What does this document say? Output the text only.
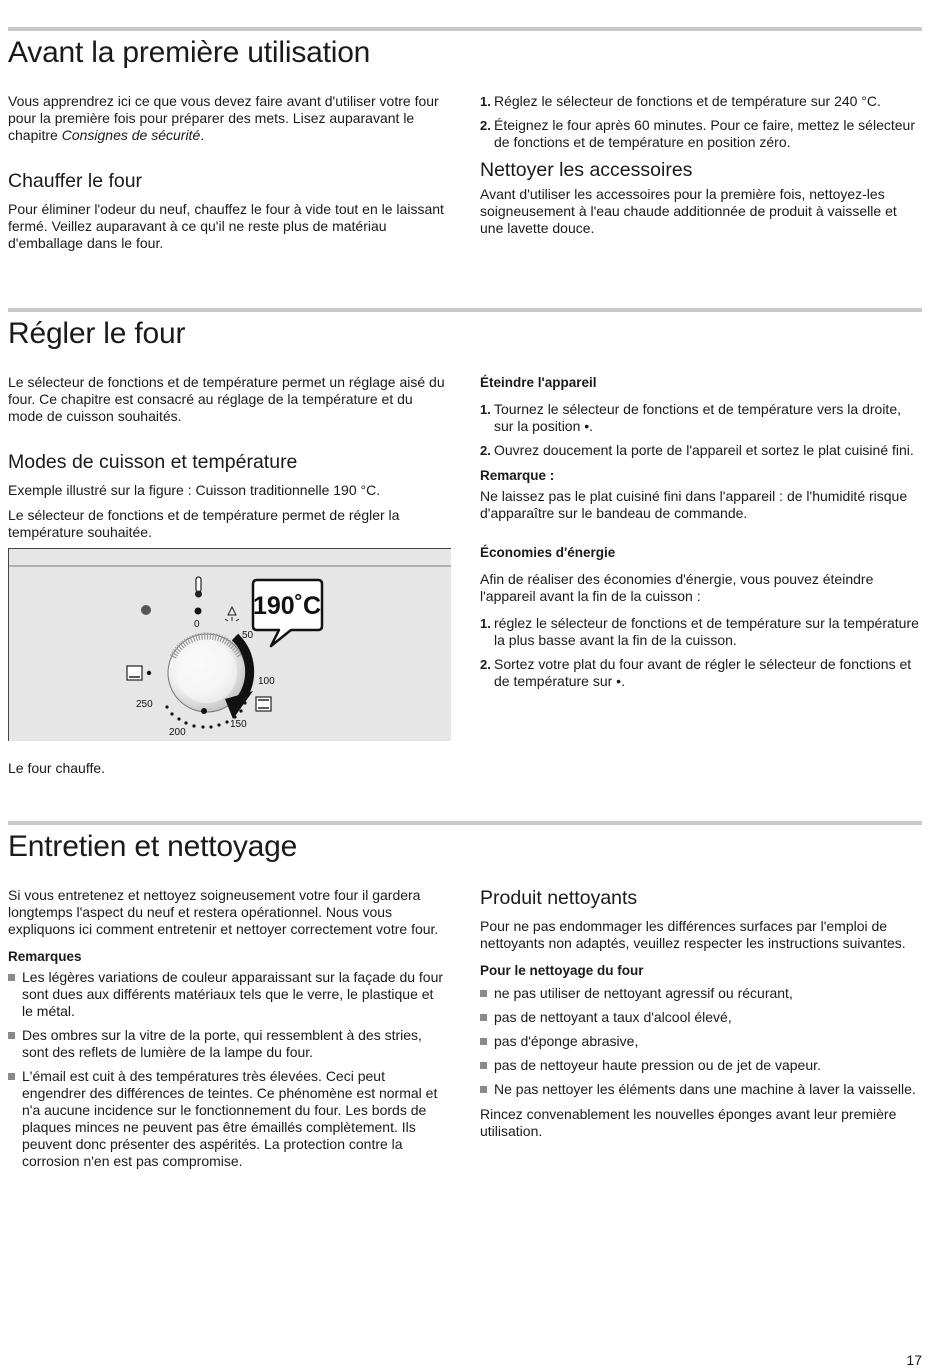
Avant la première utilisation

Vous apprendrez ici ce que vous devez faire avant d'utiliser votre four pour la première fois pour préparer des mets. Lisez auparavant le chapitre Consignes de sécurité.

Chauffer le four

Pour éliminer l'odeur du neuf, chauffez le four à vide tout en le laissant fermé. Veillez auparavant à ce qu'il ne reste plus de matériau d'emballage dans le four.

1. Réglez le sélecteur de fonctions et de température sur 240 °C.
2. Éteignez le four après 60 minutes. Pour ce faire, mettez le sélecteur de fonctions et de température en position zéro.
Nettoyer les accessoires

Avant d'utiliser les accessoires pour la première fois, nettoyez-les soigneusement à l'eau chaude additionnée de produit à vaisselle et une lavette douce.

Régler le four

Le sélecteur de fonctions et de température permet un réglage aisé du four. Ce chapitre est consacré au réglage de la température et du mode de cuisson souhaités.

Modes de cuisson et température

Exemple illustré sur la figure : Cuisson traditionnelle 190 °C.

Le sélecteur de fonctions et de température permet de régler la température souhaitée.

0
50
100
150
200
250
190˚C

Le four chauffe.

Éteindre l'appareil
1. Tournez le sélecteur de fonctions et de température vers la droite, sur la position •.
2. Ouvrez doucement la porte de l'appareil et sortez le plat cuisiné fini.
Remarque :

Ne laissez pas le plat cuisiné fini dans l'appareil : de l'humidité risque d'apparaître sur le bandeau de commande.

Économies d'énergie

Afin de réaliser des économies d'énergie, vous pouvez éteindre l'appareil avant la fin de la cuisson :

1. réglez le sélecteur de fonctions et de température sur la température la plus basse avant la fin de la cuisson.
2. Sortez votre plat du four avant de régler le sélecteur de fonctions et de température sur •.
Entretien et nettoyage

Si vous entretenez et nettoyez soigneusement votre four il gardera longtemps l'aspect du neuf et restera opérationnel. Nous vous expliquons ici comment entretenir et nettoyer correctement votre four.

Remarques
Les légères variations de couleur apparaissant sur la façade du four sont dues aux différents matériaux tels que le verre, le plastique et le métal.
Des ombres sur la vitre de la porte, qui ressemblent à des stries, sont des reflets de lumière de la lampe du four.
L'émail est cuit à des températures très élevées. Ceci peut engendrer des différences de teintes. Ce phénomène est normal et n'a aucune incidence sur le fonctionnement du four. Les bords de plaques minces ne peuvent pas être émaillés complètement. Ils peuvent donc présenter des aspérités. La protection contre la corrosion n'en est pas compromise.
Produit nettoyants

Pour ne pas endommager les différences surfaces par l'emploi de nettoyants non adaptés, veuillez respecter les instructions suivantes.

Pour le nettoyage du four
ne pas utiliser de nettoyant agressif ou récurant,
pas de nettoyant a taux d'alcool élevé,
pas d'éponge abrasive,
pas de nettoyeur haute pression ou de jet de vapeur.
Ne pas nettoyer les éléments dans une machine à laver la vaisselle.

Rincez convenablement les nouvelles éponges avant leur première utilisation.

17
